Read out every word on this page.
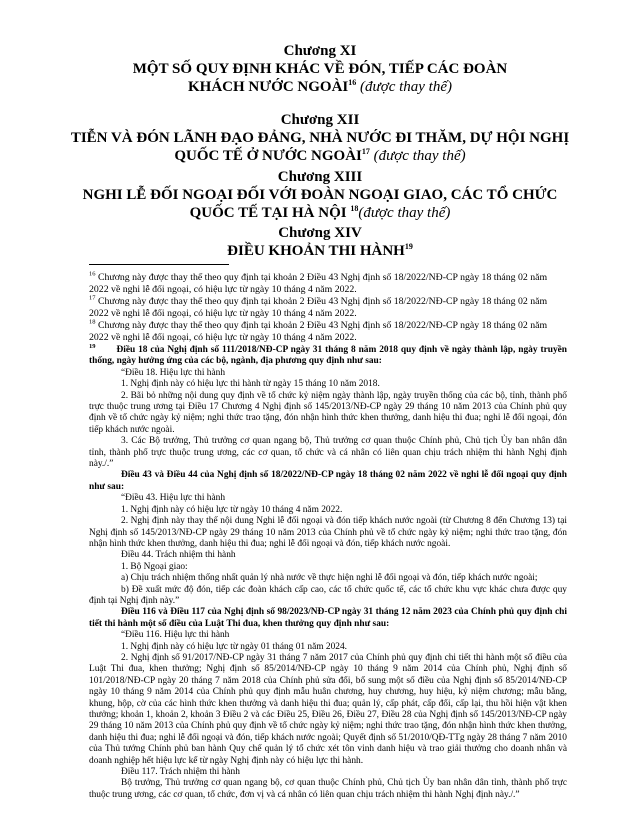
Chương XI

MỘT SỐ QUY ĐỊNH KHÁC VỀ ĐÓN, TIẾP CÁC ĐOÀN KHÁCH NƯỚC NGOÀI$^{16}$ (được thay thế)

Chương XII

TIỄN VÀ ĐÓN LÃNH ĐẠO ĐẢNG, NHÀ NƯỚC ĐI THĂM, DỰ HỘI NGHỊ QUỐC TẾ Ở NƯỚC NGOÀI$^{17}$ (được thay thế)

Chương XIII

NGHI LỄ ĐỐI NGOẠI ĐỐI VỚI ĐOÀN NGOẠI GIAO, CÁC TỔ CHỨC QUỐC TẾ TẠI HÀ NỘI $^{18}$(được thay thế)

Chương XIV

ĐIỀU KHOẢN THI HÀNH$^{19}$

$^{16}$ Chương này được thay thế theo quy định tại khoản 2 Điều 43 Nghị định số 18/2022/NĐ-CP ngày 18 tháng 02 năm 2022 về nghi lễ đối ngoại, có hiệu lực từ ngày 10 tháng 4 năm 2022.

$^{17}$ Chương này được thay thế theo quy định tại khoản 2 Điều 43 Nghị định số 18/2022/NĐ-CP ngày 18 tháng 02 năm 2022 về nghi lễ đối ngoại, có hiệu lực từ ngày 10 tháng 4 năm 2022.

$^{18}$ Chương này được thay thế theo quy định tại khoản 2 Điều 43 Nghị định số 18/2022/NĐ-CP ngày 18 tháng 02 năm 2022 về nghi lễ đối ngoại, có hiệu lực từ ngày 10 tháng 4 năm 2022.

$^{19}$ Điều 18 của Nghị định số 111/2018/NĐ-CP ngày 31 tháng 8 năm 2018 quy định về ngày thành lập, ngày truyền thống, ngày hưởng ứng của các bộ, ngành, địa phương quy định như sau:

“Điều 18. Hiệu lực thi hành

1. Nghị định này có hiệu lực thi hành từ ngày 15 tháng 10 năm 2018.

2. Bãi bỏ những nội dung quy định về tổ chức kỷ niệm ngày thành lập, ngày truyền thống của các bộ, tỉnh, thành phố trực thuộc trung ương tại Điều 17 Chương 4 Nghị định số 145/2013/NĐ-CP ngày 29 tháng 10 năm 2013 của Chính phủ quy định về tổ chức ngày kỷ niệm; nghi thức trao tặng, đón nhận hình thức khen thưởng, danh hiệu thi đua; nghi lễ đối ngoại, đón tiếp khách nước ngoài.

3. Các Bộ trưởng, Thủ trưởng cơ quan ngang bộ, Thủ trưởng cơ quan thuộc Chính phủ, Chủ tịch Ủy ban nhân dân tỉnh, thành phố trực thuộc trung ương, các cơ quan, tổ chức và cá nhân có liên quan chịu trách nhiệm thi hành Nghị định này./.”

Điều 43 và Điều 44 của Nghị định số 18/2022/NĐ-CP ngày 18 tháng 02 năm 2022 về nghi lễ đối ngoại quy định như sau:

“Điều 43. Hiệu lực thi hành

1. Nghị định này có hiệu lực từ ngày 10 tháng 4 năm 2022.

2. Nghị định này thay thế nội dung Nghi lễ đối ngoại và đón tiếp khách nước ngoài (từ Chương 8 đến Chương 13) tại Nghị định số 145/2013/NĐ-CP ngày 29 tháng 10 năm 2013 của Chính phủ về tổ chức ngày kỷ niệm; nghi thức trao tặng, đón nhận hình thức khen thưởng, danh hiệu thi đua; nghi lễ đối ngoại và đón, tiếp khách nước ngoài.

Điều 44. Trách nhiệm thi hành

1. Bộ Ngoại giao:

a) Chịu trách nhiệm thống nhất quản lý nhà nước về thực hiện nghi lễ đối ngoại và đón, tiếp khách nước ngoài;

b) Đề xuất mức độ đón, tiếp các đoàn khách cấp cao, các tổ chức quốc tế, các tổ chức khu vực khác chưa được quy định tại Nghị định này.”

Điều 116 và Điều 117 của Nghị định số 98/2023/NĐ-CP ngày 31 tháng 12 năm 2023 của Chính phủ quy định chi tiết thi hành một số điều của Luật Thi đua, khen thưởng quy định như sau:

“Điều 116. Hiệu lực thi hành

1. Nghị định này có hiệu lực từ ngày 01 tháng 01 năm 2024.

2. Nghị định số 91/2017/NĐ-CP ngày 31 tháng 7 năm 2017 của Chính phủ quy định chi tiết thi hành một số điều của Luật Thi đua, khen thưởng; Nghị định số 85/2014/NĐ-CP ngày 10 tháng 9 năm 2014 của Chính phủ, Nghị định số 101/2018/NĐ-CP ngày 20 tháng 7 năm 2018 của Chính phủ sửa đổi, bổ sung một số điều của Nghị định số 85/2014/NĐ-CP ngày 10 tháng 9 năm 2014 của Chính phủ quy định mẫu huân chương, huy chương, huy hiệu, kỷ niệm chương; mẫu bằng, khung, hộp, cờ của các hình thức khen thưởng và danh hiệu thi đua; quản lý, cấp phát, cấp đổi, cấp lại, thu hồi hiện vật khen thưởng; khoản 1, khoản 2, khoản 3 Điều 2 và các Điều 25, Điều 26, Điều 27, Điều 28 của Nghị định số 145/2013/NĐ-CP ngày 29 tháng 10 năm 2013 của Chính phủ quy định về tổ chức ngày kỷ niệm; nghi thức trao tặng, đón nhận hình thức khen thưởng, danh hiệu thi đua; nghi lễ đối ngoại và đón, tiếp khách nước ngoài; Quyết định số 51/2010/QĐ-TTg ngày 28 tháng 7 năm 2010 của Thủ tướng Chính phủ ban hành Quy chế quản lý tổ chức xét tôn vinh danh hiệu và trao giải thưởng cho doanh nhân và doanh nghiệp hết hiệu lực kể từ ngày Nghị định này có hiệu lực thi hành.

Điều 117. Trách nhiệm thi hành

Bộ trưởng, Thủ trưởng cơ quan ngang bộ, cơ quan thuộc Chính phủ, Chủ tịch Ủy ban nhân dân tỉnh, thành phố trực thuộc trung ương, các cơ quan, tổ chức, đơn vị và cá nhân có liên quan chịu trách nhiệm thi hành Nghị định này./.”
